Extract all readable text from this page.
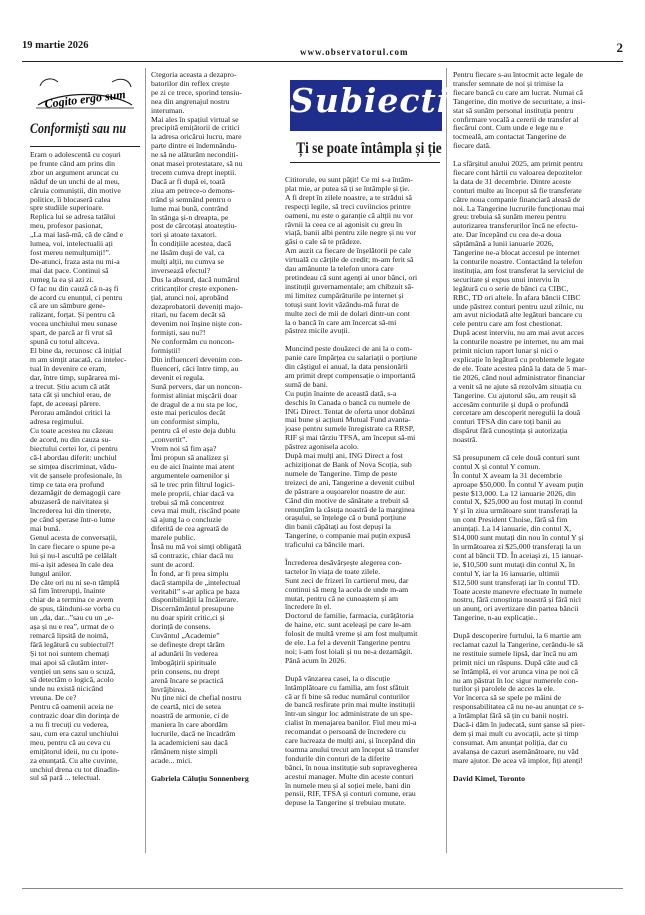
19 martie 2026
www.observatorul.com	2
Cogito ergo sum
Conformiști sau nu

Eram o adolescentă cu coșuri

pe frunte când am prins din

zbor un argument aruncat cu

năduf de un unchi de al meu,

căruia comuniștii, din motive

politice, îi blocaseră calea

spre studiile superioare.

Replica lui se adresa tatălui

meu, profesor pasionat,

„La mai lasă-mă, că de când e

lumea, voi, intelectualii ați

fost mereu nemulțumiți!”.

De-atunci, fraza asta nu mi-a

mai dat pace. Continui să

rumeg la ea și azi zi.

O fac nu din cauză că n-aș fi

de acord cu enunțul, ci pentru

că are un sâmbure gene-

ralizant, forțat. Și pentru că

vocea unchiului meu sunase

spart, de parcă ar fi vrut să

spună cu totul altceva.

El bine da, recunosc că inițial

m am simțit atacată, ca intelec-

tual în devenire ce eram,

dar, între timp, supărarea mi-

a trecut. Știu acum că atât

tata cât și unchiul erau, de

fapt, de aceeași părere.

Perorau amândoi critici la

adresa regimului.

Cu toate acestea nu căzeau

de acord, nu din cauza su-

biectului certei lor, ci pentru

că-l abordau diferit: unchiul

se simțea discriminat, vădu-

vit de șansele profesionale, în

timp ce tata era profund

dezamăgit de demagogii care

abuzaseră de naivitatea și

încrederea lui din tinerețe,

pe când sperase într-o lume

mai bună.

Genul acesta de conversații,

în care fiecare o spune pe-a

lui și nu-l ascultă pe celălalt

mi-a ișit adesea în cale dea

lungul anilor.

De câte ori nu ni se-n tâmplă

să fim întrerupți, înainte

chiar de a termina ce avem

de spus, tăinduni-se vorba cu

un „da, dar...”sau cu un „e-

așa și nu e rea”, urmat de o

remarcă lipsită de noimă,

fără legătură cu subiectul?!

Și tot noi suntem chemați

mai apoi să căutăm inter-

venției un sens sau o scuză,

să detectăm o logică, acolo

unde nu există nicicând

vreuna. De ce?

Pentru că oamenii aceia ne

contrazic doar din dorința de

a nu fi trecuți cu vederea,

sau, cum era cazul unchiului

meu, pentru că au ceva cu

emițătorul ideii, nu cu ipote-

za enunțată. Cu alte cuvinte,

unchiul drena cu tot dinadin-

sul să pară ... telectual.

Ctegoria aceasta a dezapro-

batorilor din reflex crește

pe zi ce trece, sporind tensiu-

nea din angrenajul nostru

interuman.

Mai ales în spațiul virtual se

precipită emițătorii de critici

la adresa oricărui lucru, mare

parte dintre ei îndemnându-

ne să ne alăturăm neconditi-

onat masei protestatare, să nu

trecem cumva drept ineptii.

Dacă ar fi după ei, toată

ziua am petrece-o demons-

trând și semnând pentru o

lume mai bună, contrând

în stânga și-n dreapta, pe

post de cârcotași atoateștiu-

tori și atoate taxatori.

În condițiile acestea, dacă

ne lăsăm duși de val, ca

mulți alții, nu cumva se

inversează efectul?

Dus la absurd, dacă numărul

criticanților crește exponen-

țial, atunci noi, aprobând

dezaprobatorii deveniți majo-

ritari, nu facem decât să

devenim noi înșine niște con-

formiști, sau nu?!

Ne conformăm cu noncon-

formiștii!

Din influenceri devenim con-

fluenceri, căci între timp, au

devenit ei regula.

Sună pervers, dar un noncon-

formist aliniat mișcării doar

de dragul de a nu sta pe loc,

este mai periculos decât

un conformist simplu,

pentru că el este deja dublu

„convertit”.

Vrem noi să fim așa?

Îmi propun să analizez și

eu de aici înainte mai atent

argumentele oamenilor și

să le trec prin filtrul logici-

mele proprii, chiar dacă va

trebui să mă concentrez

ceva mai mult, riscând poate

să ajung la o concluzie

diferită de cea agreată de

marele public.

Însă nu mă voi simți obligată

să contrazic, chiar dacă nu

sunt de acord.

În fond, ar fi prea simplu

dacă stampila de „intelectual

veritabil” s-ar aplica pe baza

disponibilității la încăierare.

Discernământul presupune

nu doar spirit critic,ci și

dorință de consens.

Cuvântul „Academie”

se definește drept tărâm

al adunării în vederea

îmbogățirii spirituale

prin consens, nu drept

arenă încare se practică

învrăjbirea.

Nu ține nici de chefial nostru

de ceartă, nici de setea

noastră de armonie, ci de

maniera în care abordăm

lucrurile, dacă ne încadrăm

la academicieni sau dacă

rămânem niște simpli

acade... mici.

Gabriela Căluțiu Sonnenberg

Subiectiv
Ți se poate întâmpla și ție

Cititorule, eu sunt pățit! Ce mi s-a întâm-

plat mie, ar putea să ți se întâmple și ție.

A fi drept în zilele noastre, a te strădui să

respecți legile, să treci cuviincios printre

oameni, nu este o garanție că altții nu vor

râvnii la ceea ce ai agonisit cu greu în

viață, banii albi pentru zile negre și nu vor

găsi o cale să te prădeze.

Am auzit ca fiecare de înșelătorii pe cale

virtuală cu cărțile de credit; m-am ferit să

dau amănunte la telefon unora care

pretindeau că sunt agenți ai unor bănci, ori

instituții guvernamentale; am chibzuit să-

mi limitez cumpărăturile pe internet și

totuși sunt lovit văzându-mă furat de

multe zeci de mii de dolari dintr-un cont

la o bancă în care am încercat să-mi

păstrez micile avuții.

Muncind peste douăzeci de ani la o com-

panie care împărțea cu salariații o porțiune

din câștigul ei anual, la data pensionării

am primit drept compensație o importantă

sumă de bani.

Cu puțin înainte de această dată, s-a

deschis în Canada o bancă cu numele de

ING Direct. Tentat de oferta unor dobânzi

mai bune și acțiuni Mutual Fund avanta-

joase pentru sumele înregistrate ca RRSP,

RIF și mai târziu TFSA, am început să-mi

păstrez agonisela acolo.

După mai mulți ani, ING Direct a fost

achiziționat de Bank of Nova Scoția, sub

numele de Tangerine. Timp de peste

treizeci de ani, Tangerine a devenit cuibul

de păstrare a ouşoarelor noastre de aur.

Când din motive de sănătate a trebuit să

renunțăm la căsuța noastră de la marginea

orașului, se înțelege că o bună porțiune

din banii căpătați au fost depuși la

Tangerine, o companie mai puțin expusă

traficului ca băncile mari.

Încrederea desăvârșește alegerea con-

tactelor în viața de toate zilele.

Sunt zeci de frizeri în cartierul meu, dar

continui să merg la acela de unde m-am

mutat, pentru că ne cunoaștem și am

încredere în el.

Doctorul de familie, farmacia, curățătoria

de haine, etc. sunt aceleași pe care le-am

folosit de multă vreme și am fost mulțumit

de ele. La fel a devenit Tangerine pentru

noi; i-am fost loiali și nu ne-a dezamăgit.

Până acum în 2026.

După vânzarea casei, la o discuție

întâmplătoare cu familia, am fost sfătuit

că ar fi bine să reduc numărul conturilor

de bancă resfirate prin mai multe instituții

într-un singur loc administrate de un spe-

cialist în menajarea banilor. Fiul meu mi-a

recomandat o persoană de încredere cu

care lucreaza de mulți ani, și începând din

toamna anului trecut am început să transfer

fondurile din conturi de la diferite

bănci, în noua instituție sub supravegherea

acestui manager. Multe din aceste conturi

în numele meu și al soției mele, bani din

pensii, RIF, TFSA și conturi comune, erau

depuse la Tangerine și trebuiau mutate.

Pentru fiecare s-au întocmit acte legale de

transfer semnate de noi și trimise la

fiecare bancă cu care am lucrat. Numai că

Tangerine, din motive de securitate, a insi-

stat să sunăm personal instituția pentru

confirmare vocală a cererii de transfer al

fiecărui cont. Cum unde e lege nu e

tocmeală, am contactat Tangerine de

fiecare dată.

La sfârșitul anului 2025, am primit pentru

fiecare cont hârtii cu valoarea depozitelor

la data de 31 decembrie. Dintre aceste

conturi multe au început să fie transferate

către noua companie financiară aleasă de

noi. La Tangerine lucrurile funcționau mai

greu: trebuia să sunăm mereu pentru

autorizarea transferurilor încă ne efectu-

ate. Dar începând cu cea de-a doua

săptămână a lunii ianuarie 2026,

Tangerine ne-a blocat accesul pe internet

la conturile noastre. Contactând la telefon

instituția, am fost transferat la serviciul de

securitate și expus unui interviu în

legătură cu o serie de bănci ca CIBC,

RBC, TD ori altele. În afara băncii CIBC

unde păstrez conturi pentru uzul zilnic, nu

am avut niciodată alte legături bancare cu

cele pentru care am fost chestionat.

După acest interviu, nu am mai avut acces

la conturile noastre pe internet, nu am mai

primit niciun raport lunar și nici o

explicație în legătură cu problemele legate

de ele. Toate acestea până la data de 5 mar-

tie 2026, când noul administrator financiar

a venit să ne ajute să rezolvăm situația cu

Tangerine. Cu ajutorul său, am reușit să

accesăm conturile și după o profundă

cercetare am descoperit neregulii la două

conturi TFSA din care toți banii au

dispărut fără cunoștința și autorizația

noastră.

Să presupunem că cele două conturi sunt

contul X și contul Y comun.

În contul X aveam la 31 decembrie

aproape $50,000. În contul Y aveam puțin

peste $13,000. La 12 ianuarie 2026, din

contul X, $25,000 au fost mutați în contul

Y și în ziua următoare sunt transferați la

un cont President Choise, fără să fim

anunțați. La 14 ianuarie, din contul X,

$14,000 sunt mutați din nou în contul Y și

în următoarea zi $25,000 transferați la un

cont al băncii TD. În aceiași zi, 15 ianuar-

ie, $10,500 sunt mutați din contul X, în

contul Y, iar la 16 ianuarie, ultimii

$12,500 sunt transferați iar în contul TD.

Toate aceste manevre efectuate în numele

nostru, fără cunoștința noastră și fără nici

un anunț, ori avertizare din partea băncii

Tangerine, n-au explicație..

După descoperire furtului, la 6 martie am

reclamat cazul la Tangerine, cerându-le să

ne restituie sumele lipsă, dar încă nu am

primit nici un răspuns. După câte aud că

se întâmplă, ei vor arunca vina pe noi că

nu am păstrat în loc sigur numerele con-

turilor și parolele de acces la ele.

Vor încerca să se spele pe mâini de

responsabilitatea că nu ne-au anunțat ce s-

a întâmplat fără să țin cu banii noștri.

Dacă-i dăm în judecată, sunt șanse să pier-

dem și mai mult cu avocații, acte și timp

consumat. Am anunțat poliția, dar cu

avalanșa de cazuri asemănătoare, nu văd

mare ajutor. De acea vă implor, fiți atenți!

David Kimel, Toronto
